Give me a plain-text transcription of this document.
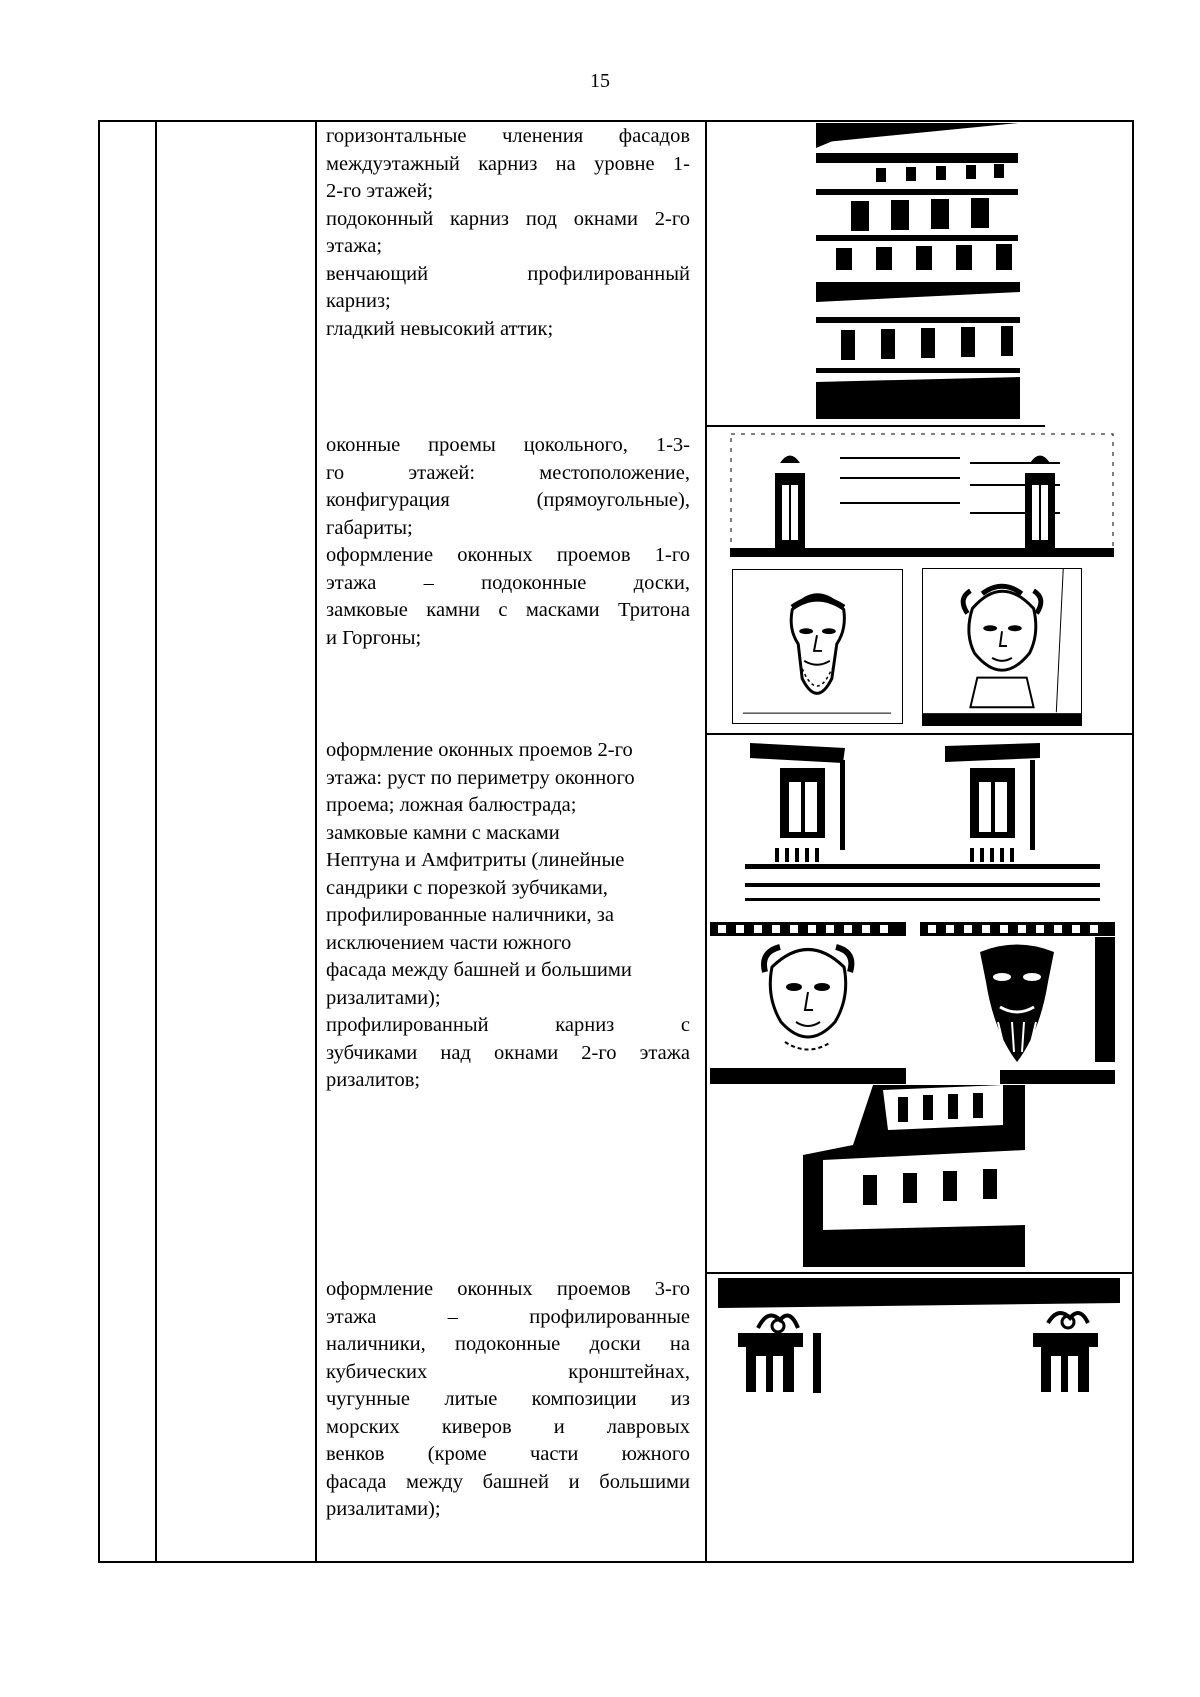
15

горизонтальные членения фасадов

междуэтажный карниз на уровне 1-

2-го этажей;

подоконный карниз под окнами 2-го

этажа;

венчающий профилированный

карниз;

гладкий невысокий аттик;

оконные проемы цокольного, 1-3-

го этажей: местоположение,

конфигурация (прямоугольные),

габариты;

оформление оконных проемов 1-го

этажа – подоконные доски,

замковые камни с масками Тритона

и Горгоны;

оформление оконных проемов 2-го

этажа: руст по периметру оконного

проема; ложная балюстрада;

замковые камни с масками

Нептуна и Амфитриты (линейные

сандрики с порезкой зубчиками,

профилированные наличники, за

исключением части южного

фасада между башней и большими

ризалитами);

профилированный карниз с

зубчиками над окнами 2-го этажа

ризалитов;

оформление оконных проемов 3-го

этажа – профилированные

наличники, подоконные доски на

кубических кронштейнах,

чугунные литые композиции из

морских киверов и лавровых

венков (кроме части южного

фасада между башней и большими

ризалитами);
